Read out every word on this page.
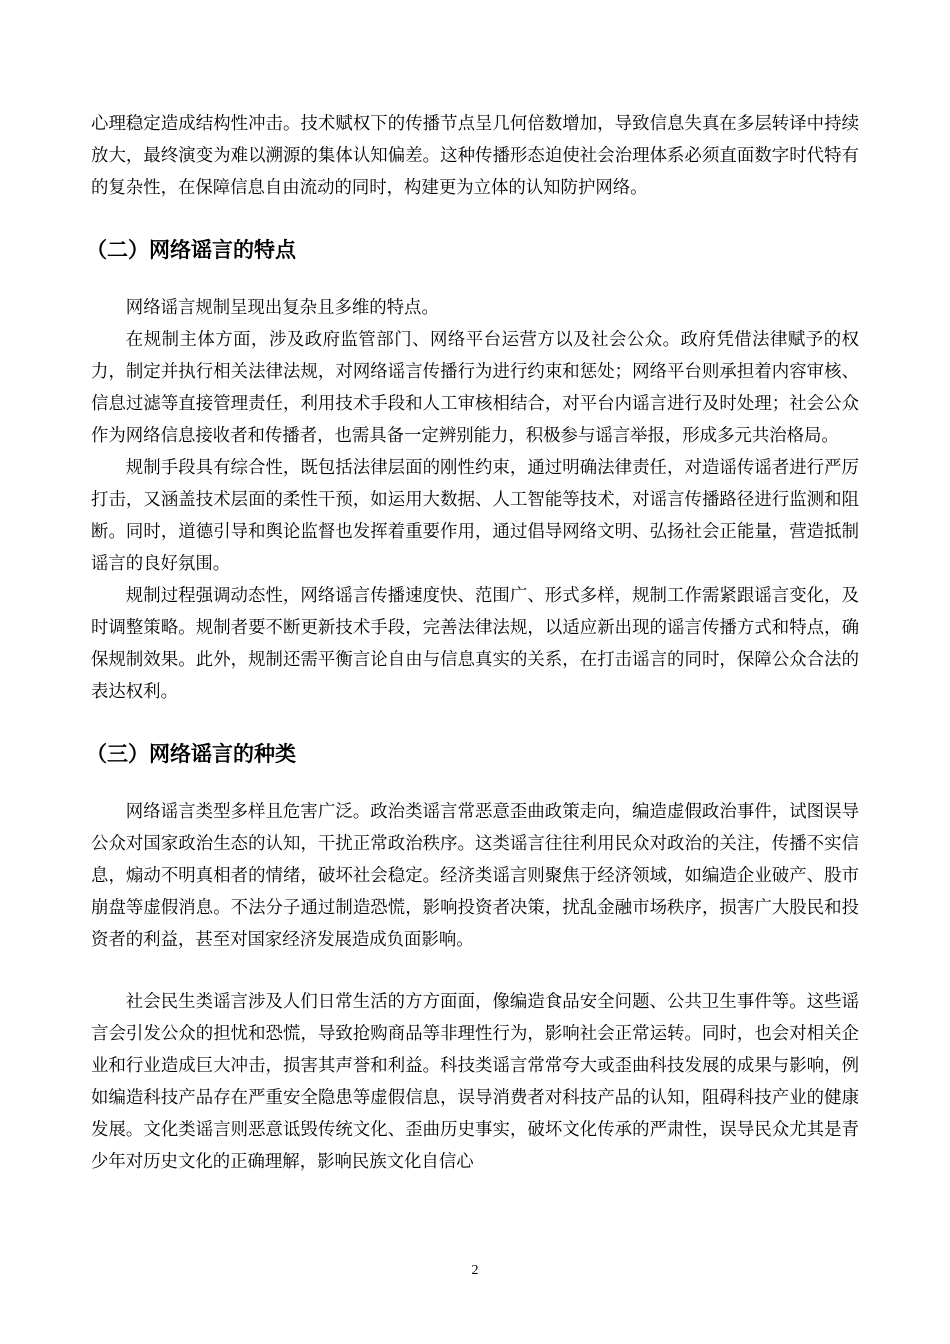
心理稳定造成结构性冲击。技术赋权下的传播节点呈几何倍数增加，导致信息失真在多层转译中持续放大，最终演变为难以溯源的集体认知偏差。这种传播形态迫使社会治理体系必须直面数字时代特有的复杂性，在保障信息自由流动的同时，构建更为立体的认知防护网络。

（二）网络谣言的特点

网络谣言规制呈现出复杂且多维的特点。

在规制主体方面，涉及政府监管部门、网络平台运营方以及社会公众。政府凭借法律赋予的权力，制定并执行相关法律法规，对网络谣言传播行为进行约束和惩处；网络平台则承担着内容审核、信息过滤等直接管理责任，利用技术手段和人工审核相结合，对平台内谣言进行及时处理；社会公众作为网络信息接收者和传播者，也需具备一定辨别能力，积极参与谣言举报，形成多元共治格局。

规制手段具有综合性，既包括法律层面的刚性约束，通过明确法律责任，对造谣传谣者进行严厉打击，又涵盖技术层面的柔性干预，如运用大数据、人工智能等技术，对谣言传播路径进行监测和阻断。同时，道德引导和舆论监督也发挥着重要作用，通过倡导网络文明、弘扬社会正能量，营造抵制谣言的良好氛围。

规制过程强调动态性，网络谣言传播速度快、范围广、形式多样，规制工作需紧跟谣言变化，及时调整策略。规制者要不断更新技术手段，完善法律法规，以适应新出现的谣言传播方式和特点，确保规制效果。此外，规制还需平衡言论自由与信息真实的关系，在打击谣言的同时，保障公众合法的表达权利。

（三）网络谣言的种类

网络谣言类型多样且危害广泛。政治类谣言常恶意歪曲政策走向，编造虚假政治事件，试图误导公众对国家政治生态的认知，干扰正常政治秩序。这类谣言往往利用民众对政治的关注，传播不实信息，煽动不明真相者的情绪，破坏社会稳定。经济类谣言则聚焦于经济领域，如编造企业破产、股市崩盘等虚假消息。不法分子通过制造恐慌，影响投资者决策，扰乱金融市场秩序，损害广大股民和投资者的利益，甚至对国家经济发展造成负面影响。

社会民生类谣言涉及人们日常生活的方方面面，像编造食品安全问题、公共卫生事件等。这些谣言会引发公众的担忧和恐慌，导致抢购商品等非理性行为，影响社会正常运转。同时，也会对相关企业和行业造成巨大冲击，损害其声誉和利益。科技类谣言常常夸大或歪曲科技发展的成果与影响，例如编造科技产品存在严重安全隐患等虚假信息，误导消费者对科技产品的认知，阻碍科技产业的健康发展。文化类谣言则恶意诋毁传统文化、歪曲历史事实，破坏文化传承的严肃性，误导民众尤其是青少年对历史文化的正确理解，影响民族文化自信心

2
